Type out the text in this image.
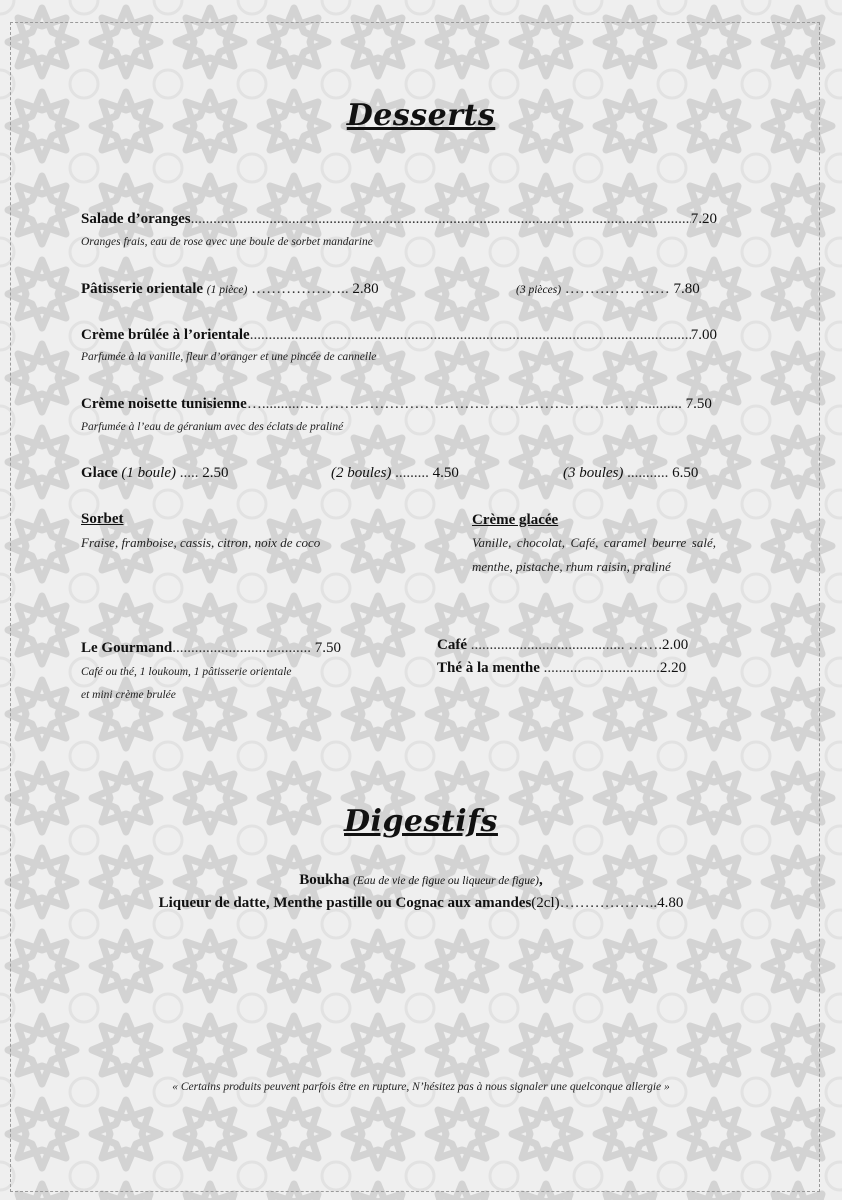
Desserts
Salade d’oranges .....	7.20
Oranges frais, eau de rose avec une boule de sorbet mandarine
Pâtisserie orientale (1 pièce) ……………….. 2.80	(3 pièces) ………………… 7.80
Crème brûlée à l’orientale .....	7.00
Parfumée à la vanille, fleur d’oranger et une pincée de cannelle
Crème noisette tunisienne…..........…………………………………………………………….......... 7.50
Parfumée à l’eau de géranium avec des éclats de praliné
Glace (1 boule) ..... 2.50	(2 boules) ......... 4.50	(3 boules) ........... 6.50
Sorbet
Fraise, framboise, cassis, citron, noix de coco
Crème glacée
Vanille, chocolat, Café, caramel beurre salé, menthe, pistache, rhum raisin, praliné
Le Gourmand..................................... 7.50
Café ou thé, 1 loukoum, 1 pâtisserie orientale
et mini crème brulée
Café ......................................... …….2.00
Thé à la menthe ...............................2.20
Digestifs
Boukha (Eau de vie de figue ou liqueur de figue),
Liqueur de datte, Menthe pastille ou Cognac aux amandes(2cl)………………..4.80
« Certains produits peuvent parfois être en rupture, N’hésitez pas à nous signaler une quelconque allergie »
